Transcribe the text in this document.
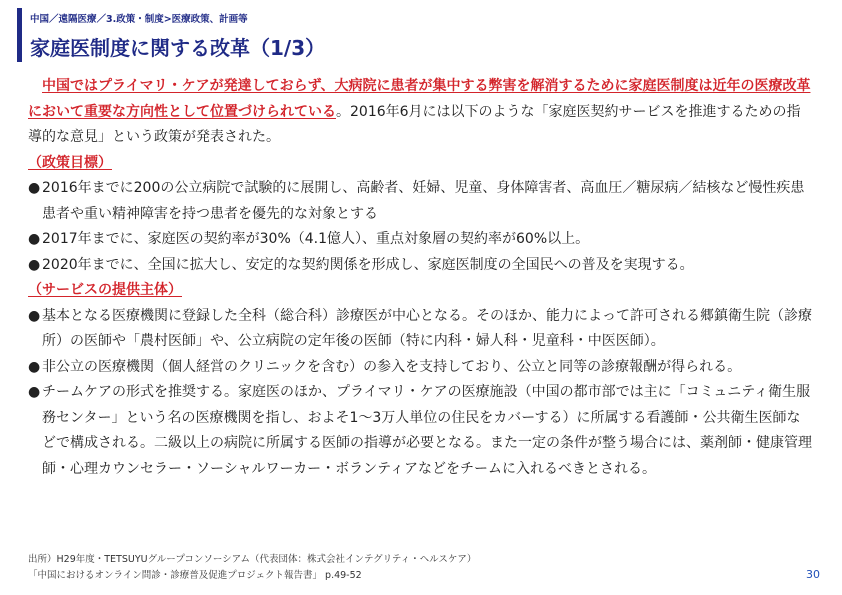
中国／遠隔医療／3.政策・制度>医療政策、計画等
家庭医制度に関する改革（1/3）

中国ではプライマリ・ケアが発達しておらず、大病院に患者が集中する弊害を解消するために家庭医制度は近年の医療改革において重要な方向性として位置づけられている。2016年6月には以下のような「家庭医契約サービスを推進するための指導的な意見」という政策が発表された。

（政策目標）

● 2016年までに200の公立病院で試験的に展開し、高齢者、妊婦、児童、身体障害者、高血圧／糖尿病／結核など慢性疾患患者や重い精神障害を持つ患者を優先的な対象とする
● 2017年までに、家庭医の契約率が30%（4.1億人）、重点対象層の契約率が60%以上。
● 2020年までに、全国に拡大し、安定的な契約関係を形成し、家庭医制度の全国民への普及を実現する。

（サービスの提供主体）

● 基本となる医療機関に登録した全科（総合科）診療医が中心となる。そのほか、能力によって許可される郷鎮衛生院（診療所）の医師や「農村医師」や、公立病院の定年後の医師（特に内科・婦人科・児童科・中医医師）。
● 非公立の医療機関（個人経営のクリニックを含む）の参入を支持しており、公立と同等の診療報酬が得られる。
● チームケアの形式を推奨する。家庭医のほか、プライマリ・ケアの医療施設（中国の都市部では主に「コミュニティ衛生服務センター」という名の医療機関を指し、およそ1～3万人単位の住民をカバーする）に所属する看護師・公共衛生医師などで構成される。二級以上の病院に所属する医師の指導が必要となる。また一定の条件が整う場合には、薬剤師・健康管理師・心理カウンセラー・ソーシャルワーカー・ボランティアなどをチームに入れるべきとされる。
出所）H29年度・TETSUYUグループコンソーシアム（代表団体：株式会社インテグリティ・ヘルスケア）
「中国におけるオンライン問診・診療普及促進プロジェクト報告書」 p.49-52	30
